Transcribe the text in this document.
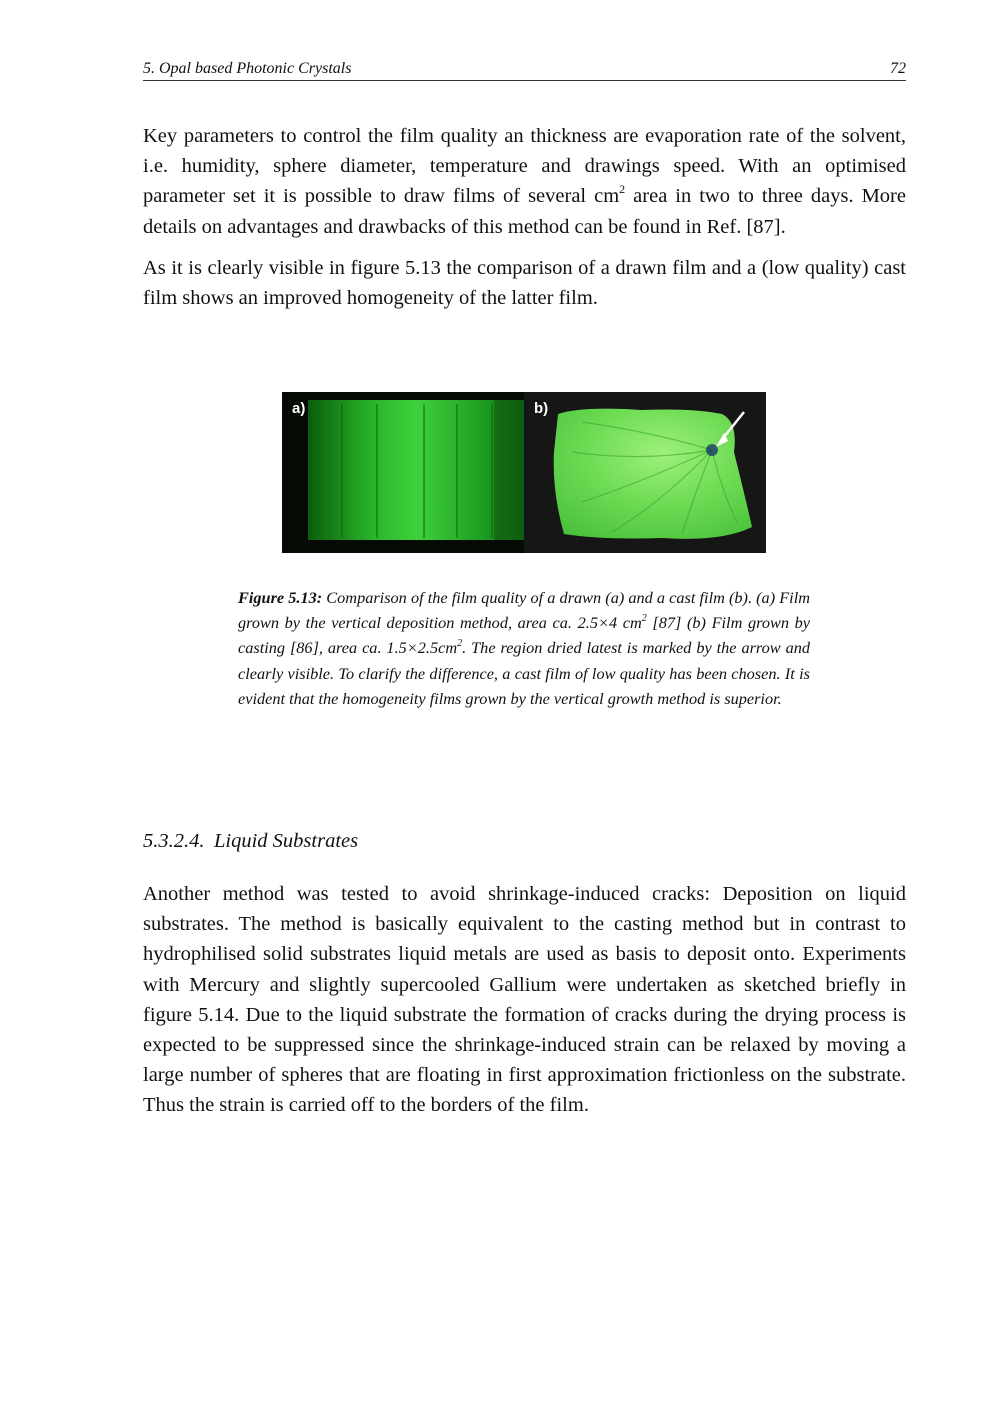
5. Opal based Photonic Crystals	72

Key parameters to control the film quality an thickness are evaporation rate of the solvent, i.e. humidity, sphere diameter, temperature and drawings speed. With an optimised parameter set it is possible to draw films of several $cm^2$ area in two to three days. More details on advantages and drawbacks of this method can be found in Ref. [87].

As it is clearly visible in figure 5.13 the comparison of a drawn film and a (low quality) cast film shows an improved homogeneity of the latter film.

a)	b)

Figure 5.13: Comparison of the film quality of a drawn (a) and a cast film (b). (a) Film grown by the vertical deposition method, area ca. 2.5×4 $cm^2$ [87] (b) Film grown by casting [86], area ca. $1.5\times 2.5cm^2$. The region dried latest is marked by the arrow and clearly visible. To clarify the difference, a cast film of low quality has been chosen. It is evident that the homogeneity films grown by the vertical growth method is superior.

5.3.2.4. Liquid Substrates

Another method was tested to avoid shrinkage-induced cracks: Deposition on liquid substrates. The method is basically equivalent to the casting method but in contrast to hydrophilised solid substrates liquid metals are used as basis to deposit onto. Experiments with Mercury and slightly supercooled Gallium were undertaken as sketched briefly in figure 5.14. Due to the liquid substrate the formation of cracks during the drying process is expected to be suppressed since the shrinkage-induced strain can be relaxed by moving a large number of spheres that are floating in first approximation frictionless on the substrate. Thus the strain is carried off to the borders of the film.
